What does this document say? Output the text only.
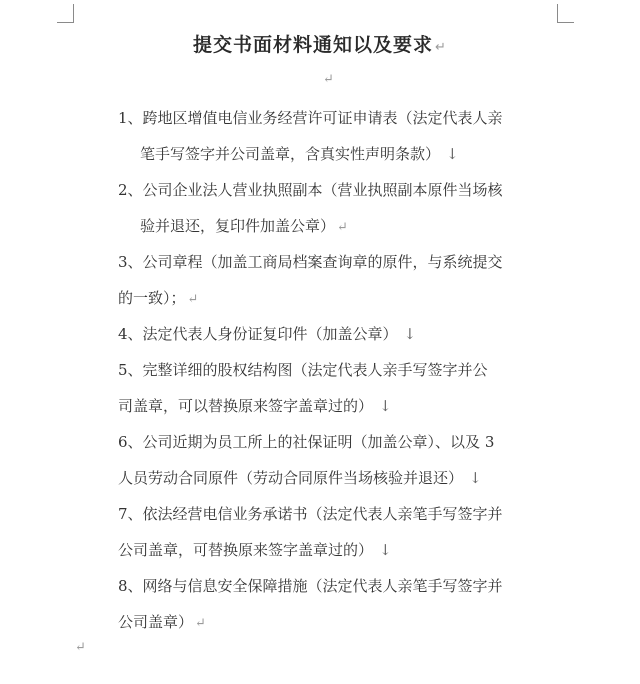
提交书面材料通知以及要求 ↵
↵
1、跨地区增值电信业务经营许可证申请表（法定代表人亲
笔手写签字并公司盖章，含真实性声明条款） ↓
2、公司企业法人营业执照副本（营业执照副本原件当场核
验并退还，复印件加盖公章） ↵
3、公司章程（加盖工商局档案查询章的原件，与系统提交
的一致）； ↵
4、法定代表人身份证复印件（加盖公章） ↓
5、完整详细的股权结构图（法定代表人亲手写签字并公
司盖章，可以替换原来签字盖章过的） ↓
6、公司近期为员工所上的社保证明（加盖公章）、以及 3
人员劳动合同原件（劳动合同原件当场核验并退还） ↓
7、依法经营电信业务承诺书（法定代表人亲笔手写签字并
公司盖章，可替换原来签字盖章过的） ↓
8、网络与信息安全保障措施（法定代表人亲笔手写签字并
公司盖章） ↵
↵
